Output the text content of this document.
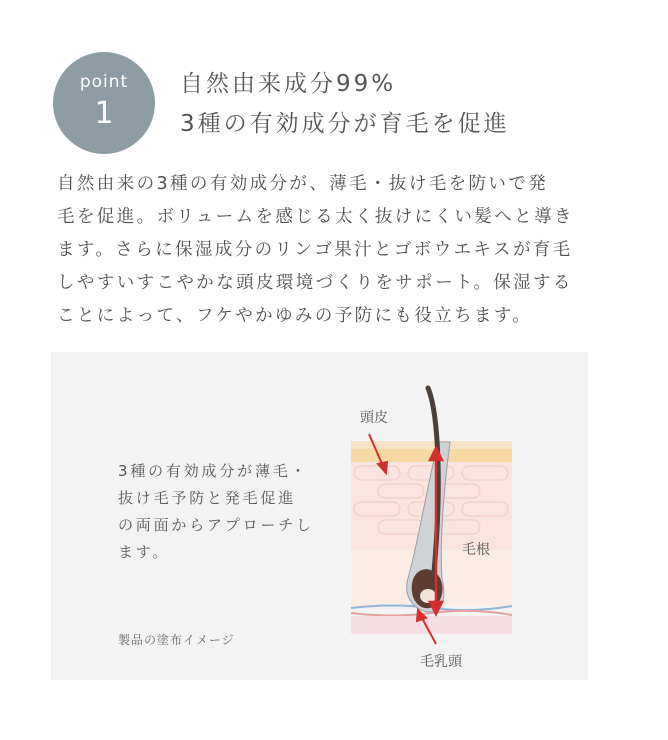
point
1
自然由来成分99%
3種の有効成分が育毛を促進
自然由来の3種の有効成分が、薄毛・抜け毛を防いで発
毛を促進。ボリュームを感じる太く抜けにくい髪へと導き
ます。さらに保湿成分のリンゴ果汁とゴボウエキスが育毛
しやすいすこやかな頭皮環境づくりをサポート。保湿する
ことによって、フケやかゆみの予防にも役立ちます。
3種の有効成分が薄毛・
抜け毛予防と発毛促進
の両面からアプローチし
ます。
製品の塗布イメージ
頭皮
毛根
毛乳頭
